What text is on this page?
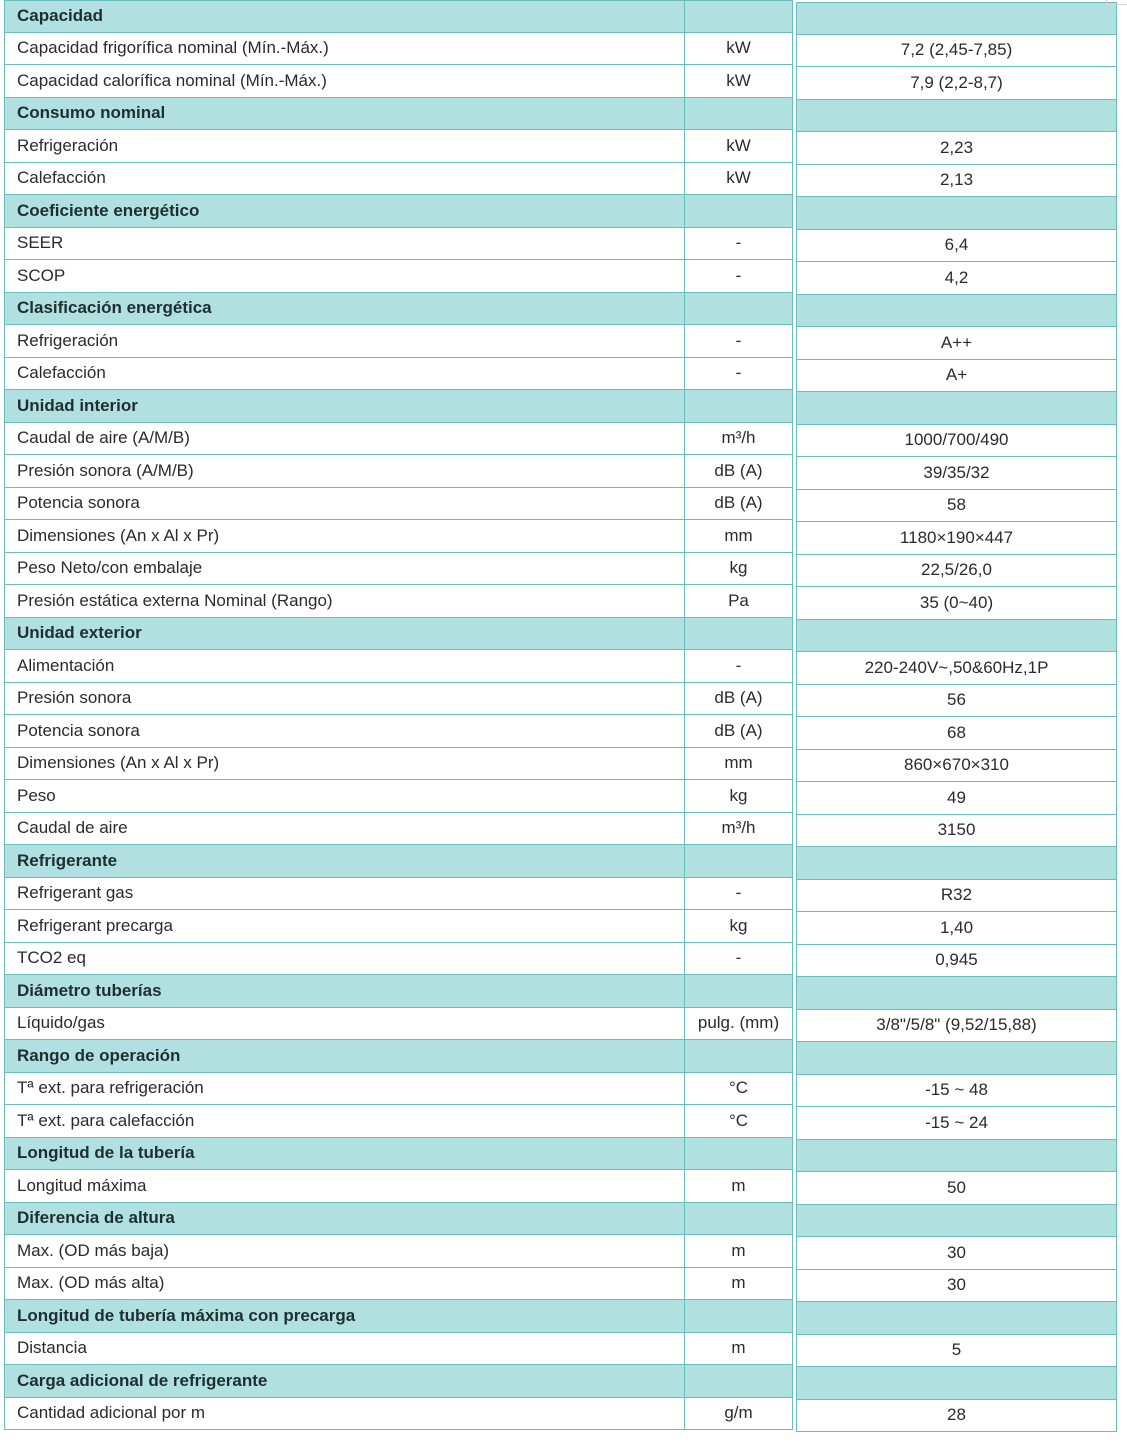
Capacidad
Capacidad frigorífica nominal (Mín.-Máx.)	kW	7,2 (2,45-7,85)
Capacidad calorífica nominal (Mín.-Máx.)	kW	7,9 (2,2-8,7)
Consumo nominal
Refrigeración	kW	2,23
Calefacción	kW	2,13
Coeficiente energético
SEER	-	6,4
SCOP	-	4,2
Clasificación energética
Refrigeración	-	A++
Calefacción	-	A+
Unidad interior
Caudal de aire (A/M/B)	m³/h	1000/700/490
Presión sonora (A/M/B)	dB (A)	39/35/32
Potencia sonora	dB (A)	58
Dimensiones (An x Al x Pr)	mm	1180×190×447
Peso Neto/con embalaje	kg	22,5/26,0
Presión estática externa Nominal (Rango)	Pa	35 (0~40)
Unidad exterior
Alimentación	-	220-240V~,50&60Hz,1P
Presión sonora	dB (A)	56
Potencia sonora	dB (A)	68
Dimensiones (An x Al x Pr)	mm	860×670×310
Peso	kg	49
Caudal de aire	m³/h	3150
Refrigerante
Refrigerant gas	-	R32
Refrigerant precarga	kg	1,40
TCO2 eq	-	0,945
Diámetro tuberías
Líquido/gas	pulg. (mm)	3/8"/5/8" (9,52/15,88)
Rango de operación
Tª ext. para refrigeración	°C	-15 ~ 48
Tª ext. para calefacción	°C	-15 ~ 24
Longitud de la tubería
Longitud máxima	m	50
Diferencia de altura
Max. (OD más baja)	m	30
Max. (OD más alta)	m	30
Longitud de tubería máxima con precarga
Distancia	m	5
Carga adicional de refrigerante
Cantidad adicional por m	g/m	28
